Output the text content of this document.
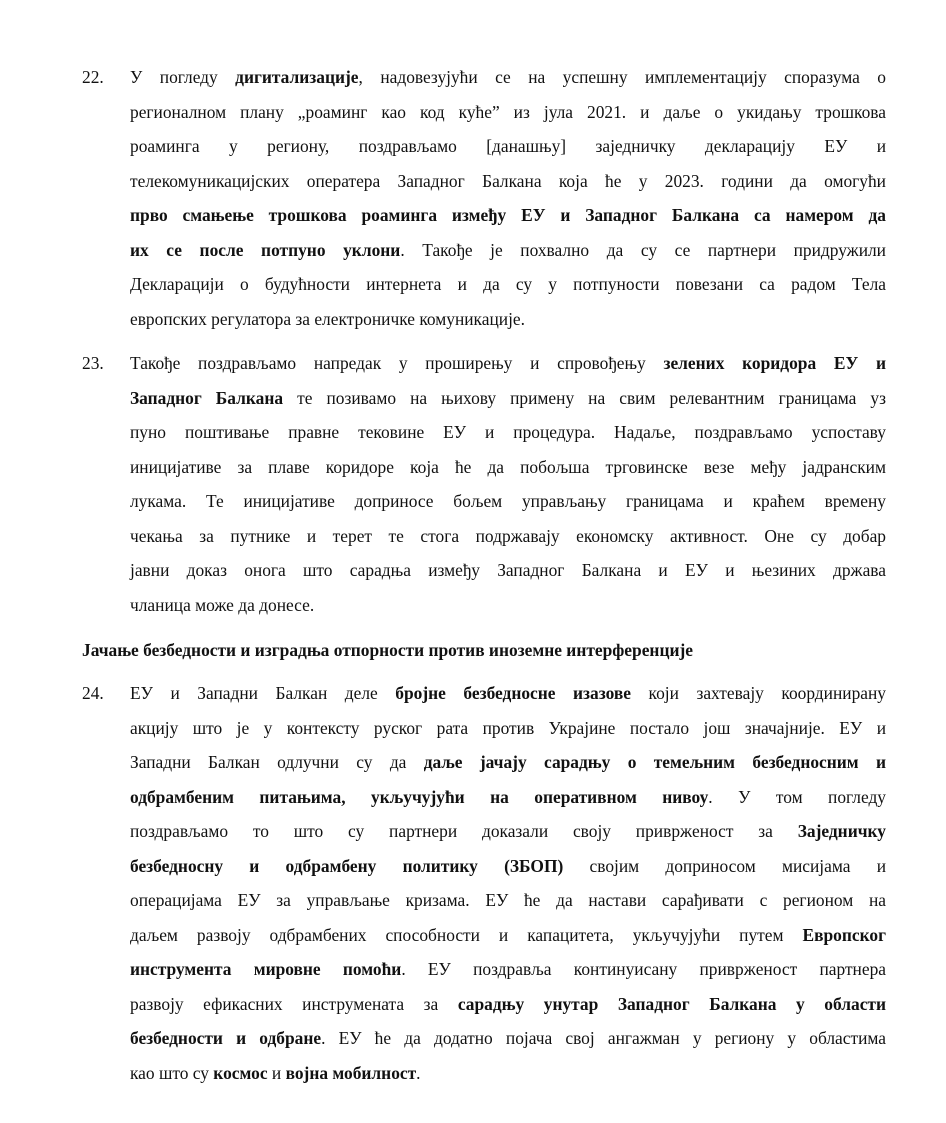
22. У погледу дигитализације, надовезујући се на успешну имплементацију споразума о
регионалном плану „роаминг као код куће” из јула 2021. и даље о укидању трошкова
роаминга у региону, поздрављамо [данашњу] заједничку декларацију ЕУ и
телекомуникацијских оператера Западног Балкана која ће у 2023. години да омогући
прво смањење трошкова роаминга између ЕУ и Западног Балкана са намером да
их се после потпуно уклони. Такође је похвално да су се партнери придружили
Декларацији о будућности интернета и да су у потпуности повезани са радом Тела
европских регулатора за електроничке комуникације.
23. Такође поздрављамо напредак у проширењу и спровођењу зелених коридора ЕУ и
Западног Балкана те позивамо на њихову примену на свим релевантним границама уз
пуно поштивање правне тековине ЕУ и процедура. Надаље, поздрављамо успоставу
иницијативе за плаве коридоре која ће да побољша трговинске везе међу јадранским
лукама. Те иницијативе доприносе бољем управљању границама и краћем времену
чекања за путнике и терет те стога подржавају економску активност. Оне су добар
јавни доказ онога што сарадња између Западног Балкана и ЕУ и њезиних држава
чланица може да донесе.
Јачање безбедности и изградња отпорности против иноземне интерференције
24. ЕУ и Западни Балкан деле бројне безбедносне изазове који захтевају координирану
акцију што је у контексту руског рата против Украјине постало још значајније. ЕУ и
Западни Балкан одлучни су да даље јачају сарадњу о темељним безбедносним и
одбрамбеним питањима, укључујући на оперативном нивоу. У том погледу
поздрављамо то што су партнери доказали своју привржeност за Заједничку
безбедносну и одбрамбену политику (ЗБОП) својим доприносом мисијама и
операцијама ЕУ за управљање кризама. ЕУ ће да настави сарађивати с регионом на
даљем развоју одбрамбених способности и капацитета, укључујући путем Европског
инструмента мировне помоћи. ЕУ поздравља континуисану привржeност партнера
развоју ефикасних инструмената за сарадњу унутар Западног Балкана у области
безбедности и одбране. ЕУ ће да додатно појача свој ангажман у региону у областима
као што су космос и војна мобилност.
